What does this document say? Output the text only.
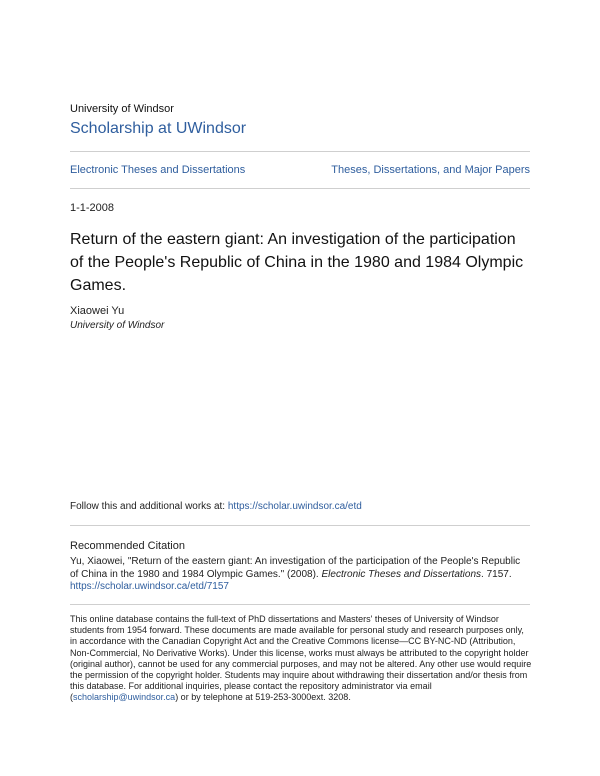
University of Windsor
Scholarship at UWindsor
Electronic Theses and Dissertations	Theses, Dissertations, and Major Papers
1-1-2008
Return of the eastern giant: An investigation of the participation of the People's Republic of China in the 1980 and 1984 Olympic Games.
Xiaowei Yu
University of Windsor
Follow this and additional works at: https://scholar.uwindsor.ca/etd
Recommended Citation
Yu, Xiaowei, "Return of the eastern giant: An investigation of the participation of the People's Republic of China in the 1980 and 1984 Olympic Games." (2008). Electronic Theses and Dissertations. 7157.
https://scholar.uwindsor.ca/etd/7157
This online database contains the full-text of PhD dissertations and Masters' theses of University of Windsor students from 1954 forward. These documents are made available for personal study and research purposes only, in accordance with the Canadian Copyright Act and the Creative Commons license—CC BY-NC-ND (Attribution, Non-Commercial, No Derivative Works). Under this license, works must always be attributed to the copyright holder (original author), cannot be used for any commercial purposes, and may not be altered. Any other use would require the permission of the copyright holder. Students may inquire about withdrawing their dissertation and/or thesis from this database. For additional inquiries, please contact the repository administrator via email (scholarship@uwindsor.ca) or by telephone at 519-253-3000ext. 3208.
